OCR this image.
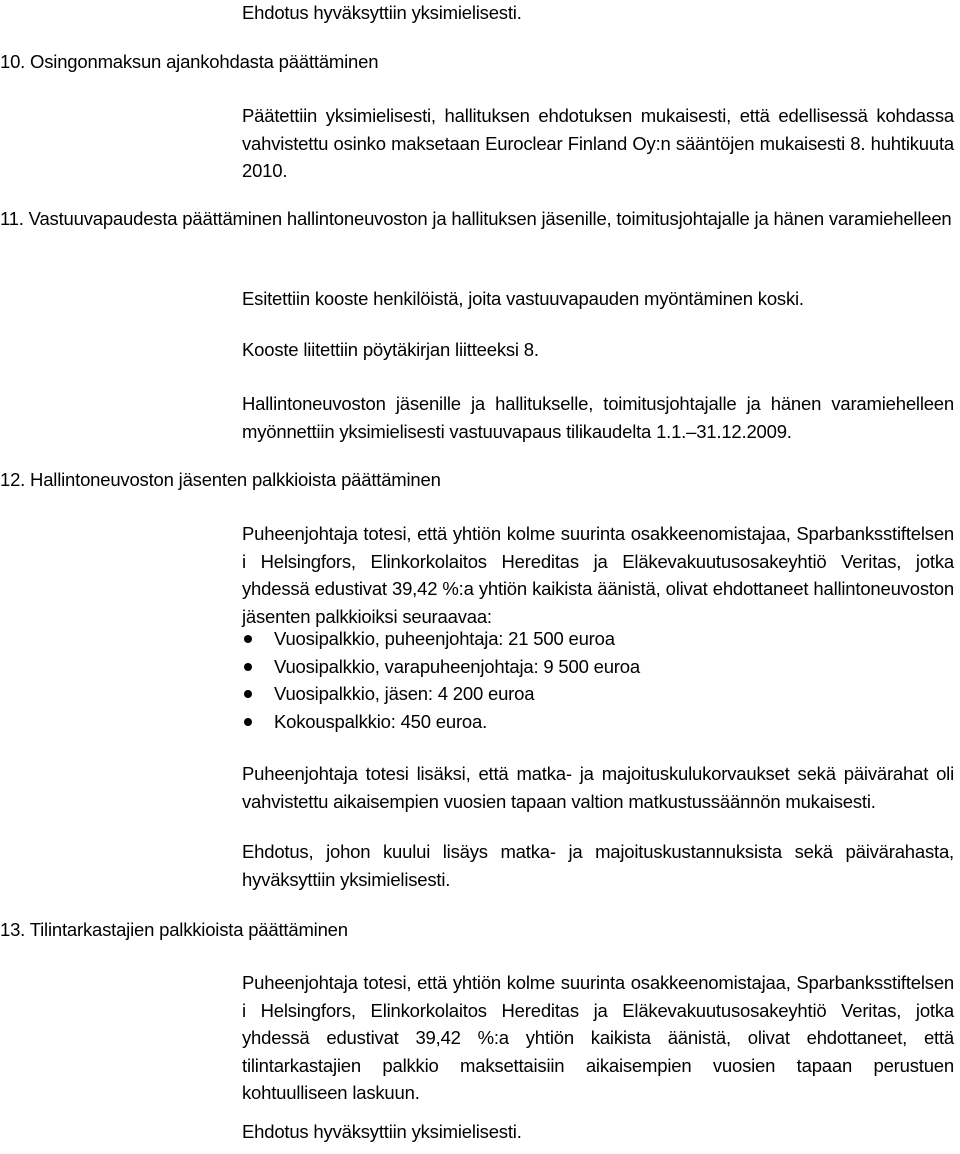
Ehdotus hyväksyttiin yksimielisesti.
10. Osingonmaksun ajankohdasta päättäminen
Päätettiin yksimielisesti, hallituksen ehdotuksen mukaisesti, että edellisessä kohdassa vahvistettu osinko maksetaan Euroclear Finland Oy:n sääntöjen mukaisesti 8. huhtikuuta 2010.
11. Vastuuvapaudesta päättäminen hallintoneuvoston ja hallituksen jäsenille, toimitusjohtajalle ja hänen varamiehelleen
Esitettiin kooste henkilöistä, joita vastuuvapauden myöntäminen koski.
Kooste liitettiin pöytäkirjan liitteeksi 8.
Hallintoneuvoston jäsenille ja hallitukselle, toimitusjohtajalle ja hänen varamiehelleen myönnettiin yksimielisesti vastuuvapaus tilikaudelta 1.1.–31.12.2009.
12. Hallintoneuvoston jäsenten palkkioista päättäminen
Puheenjohtaja totesi, että yhtiön kolme suurinta osakkeenomistajaa, Sparbanksstiftelsen i Helsingfors, Elinkorkolaitos Hereditas ja Eläkevakuutusosakeyhtiö Veritas, jotka yhdessä edustivat 39,42 %:a yhtiön kaikista äänistä, olivat ehdottaneet hallintoneuvoston jäsenten palkkioiksi seuraavaa:
Vuosipalkkio, puheenjohtaja: 21 500 euroa
Vuosipalkkio, varapuheenjohtaja: 9 500 euroa
Vuosipalkkio, jäsen: 4 200 euroa
Kokouspalkkio: 450 euroa.
Puheenjohtaja totesi lisäksi, että matka- ja majoituskulukorvaukset sekä päivärahat oli vahvistettu aikaisempien vuosien tapaan valtion matkustussäännön mukaisesti.
Ehdotus, johon kuului lisäys matka- ja majoituskustannuksista sekä päivärahasta, hyväksyttiin yksimielisesti.
13. Tilintarkastajien palkkioista päättäminen
Puheenjohtaja totesi, että yhtiön kolme suurinta osakkeenomistajaa, Sparbanksstiftelsen i Helsingfors, Elinkorkolaitos Hereditas ja Eläkevakuutusosakeyhtiö Veritas, jotka yhdessä edustivat 39,42 %:a yhtiön kaikista äänistä, olivat ehdottaneet, että tilintarkastajien palkkio maksettaisiin aikaisempien vuosien tapaan perustuen kohtuulliseen laskuun.
Ehdotus hyväksyttiin yksimielisesti.
